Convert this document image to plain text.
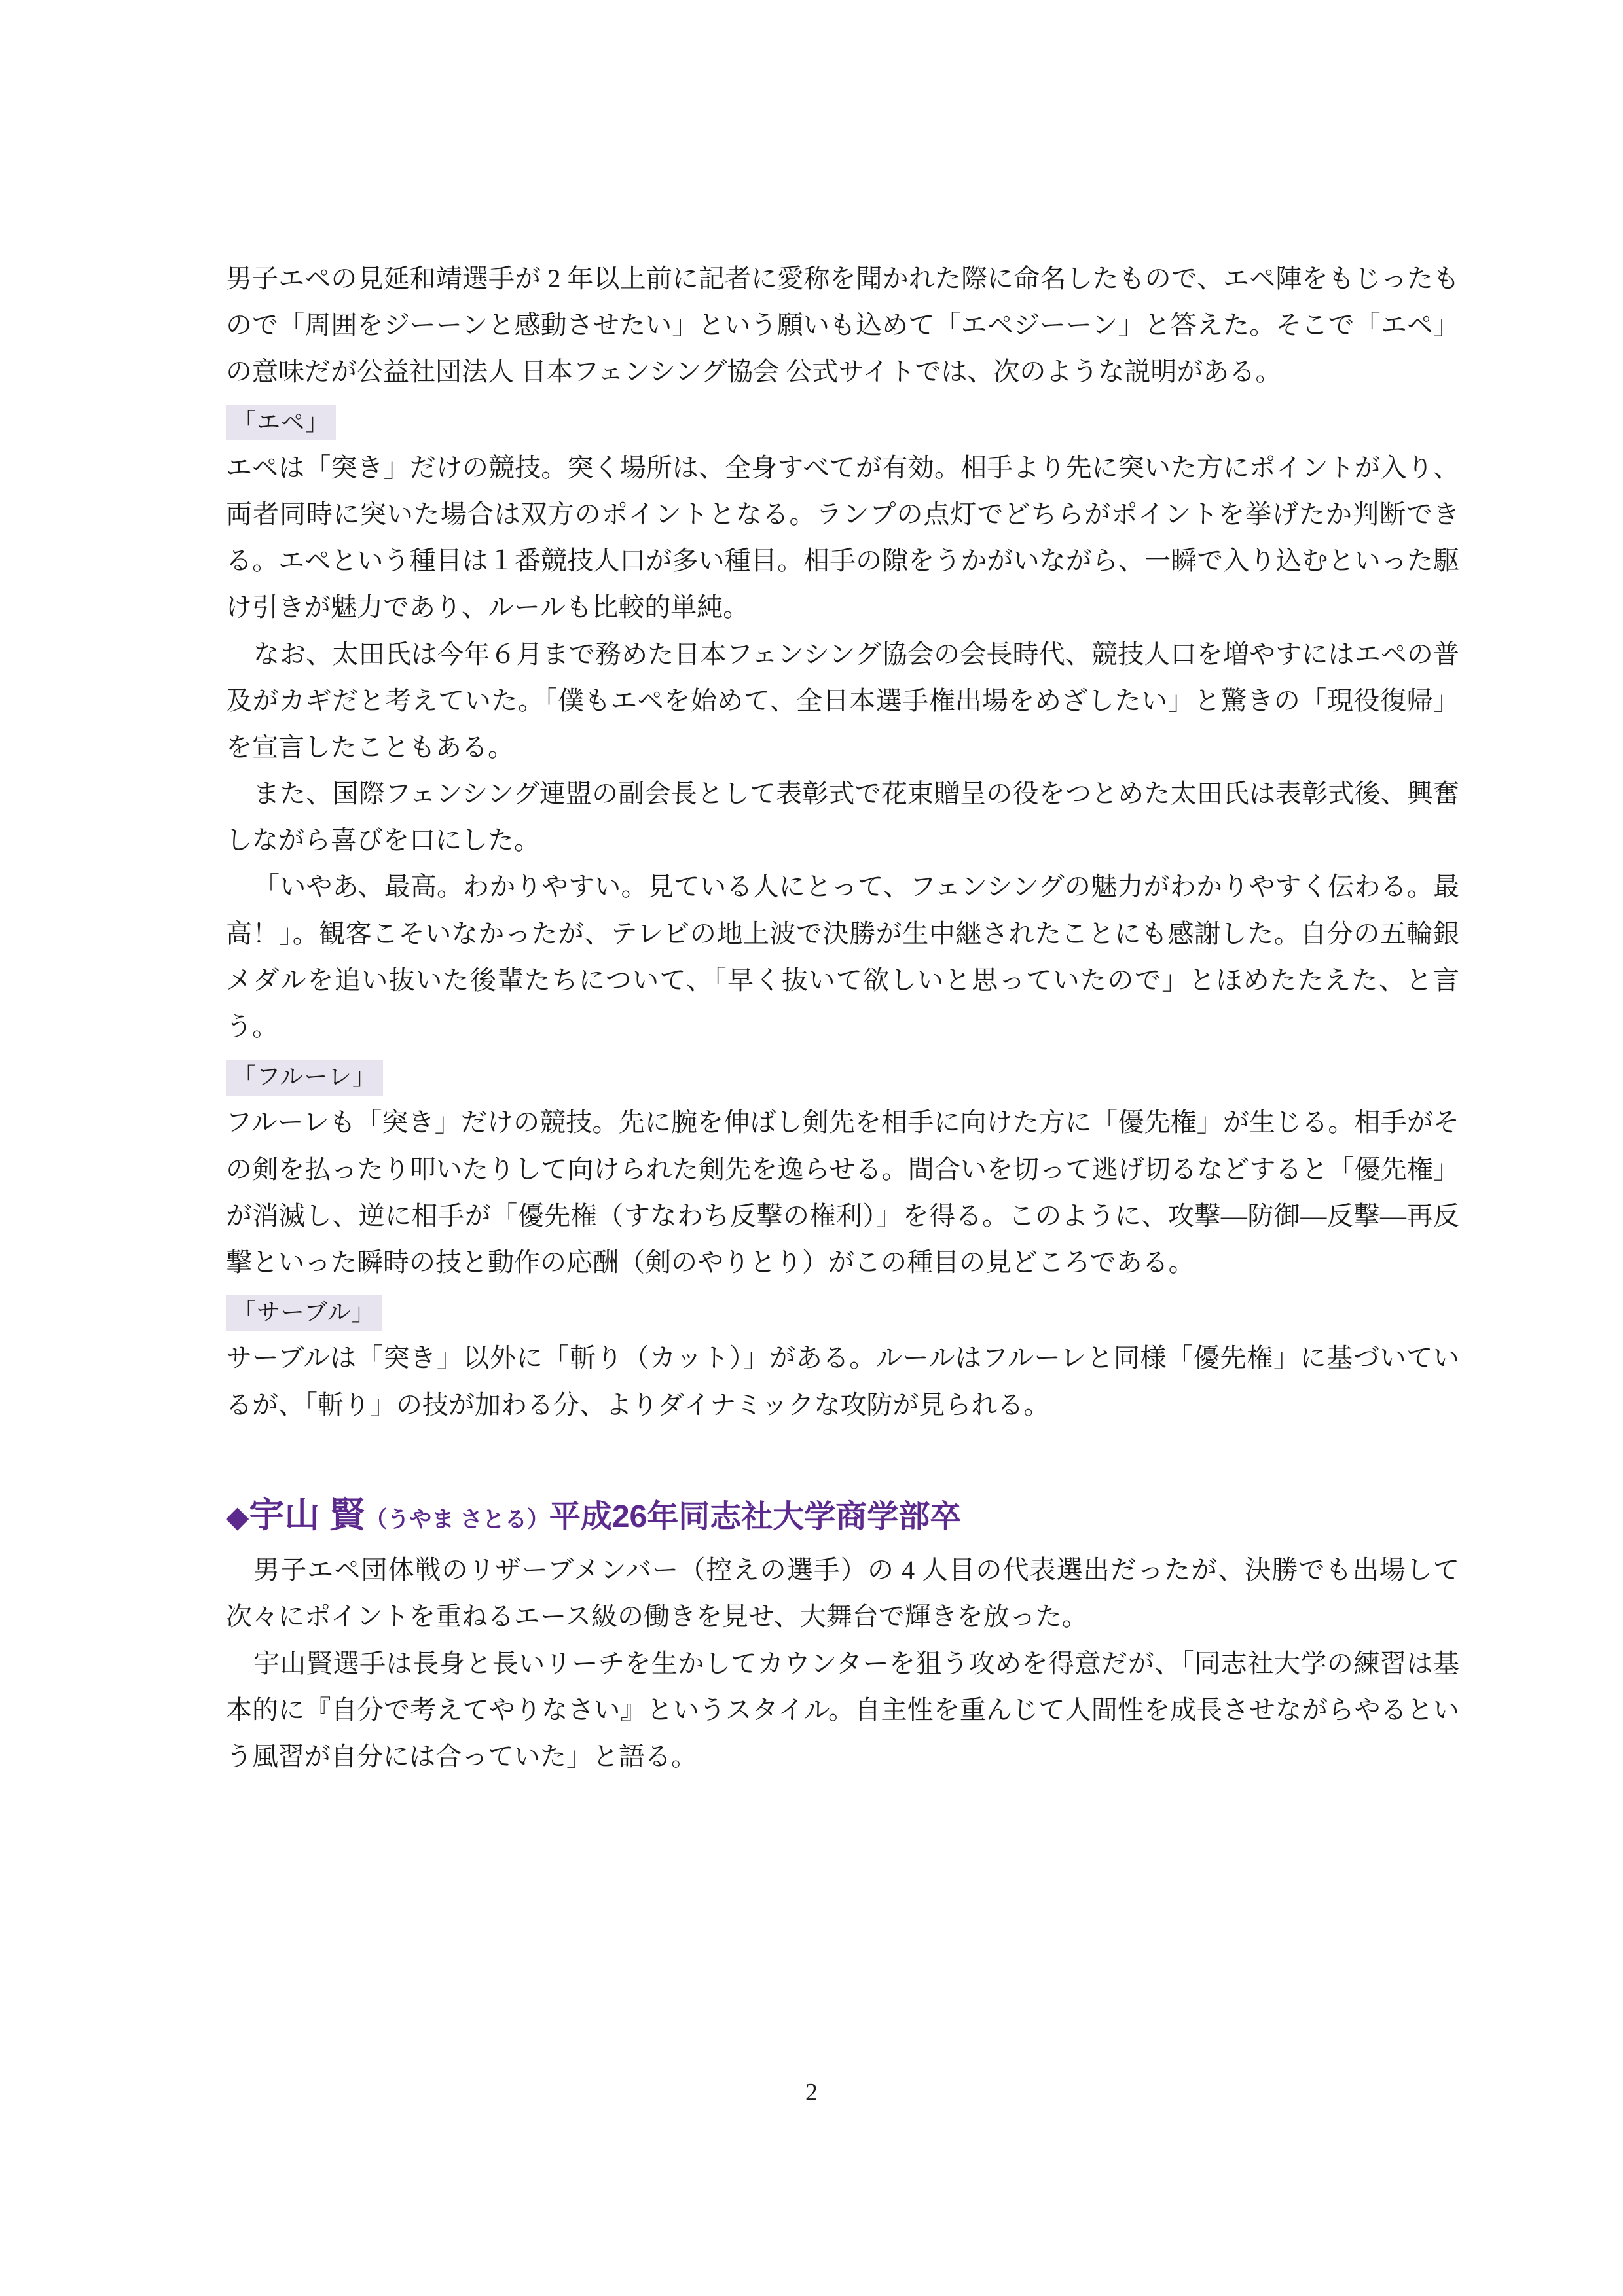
男子エペの見延和靖選手が 2 年以上前に記者に愛称を聞かれた際に命名したもので、エペ陣をもじったもので「周囲をジーーンと感動させたい」という願いも込めて「エペジーーン」と答えた。そこで「エペ」の意味だが公益社団法人 日本フェンシング協会 公式サイトでは、次のような説明がある。

「エペ」

エペは「突き」だけの競技。突く場所は、全身すべてが有効。相手より先に突いた方にポイントが入り、両者同時に突いた場合は双方のポイントとなる。ランプの点灯でどちらがポイントを挙げたか判断できる。エペという種目は１番競技人口が多い種目。相手の隙をうかがいながら、一瞬で入り込むといった駆け引きが魅力であり、ルールも比較的単純。

なお、太田氏は今年６月まで務めた日本フェンシング協会の会長時代、競技人口を増やすにはエペの普及がカギだと考えていた。「僕もエペを始めて、全日本選手権出場をめざしたい」と驚きの「現役復帰」を宣言したこともある。

また、国際フェンシング連盟の副会長として表彰式で花束贈呈の役をつとめた太田氏は表彰式後、興奮しながら喜びを口にした。

「いやあ、最高。わかりやすい。見ている人にとって、フェンシングの魅力がわかりやすく伝わる。最高！」。観客こそいなかったが、テレビの地上波で決勝が生中継されたことにも感謝した。自分の五輪銀メダルを追い抜いた後輩たちについて、「早く抜いて欲しいと思っていたので」とほめたたえた、と言う。

「フルーレ」

フルーレも「突き」だけの競技。先に腕を伸ばし剣先を相手に向けた方に「優先権」が生じる。相手がその剣を払ったり叩いたりして向けられた剣先を逸らせる。間合いを切って逃げ切るなどすると「優先権」が消滅し、逆に相手が「優先権（すなわち反撃の権利）」を得る。このように、攻撃―防御―反撃―再反撃といった瞬時の技と動作の応酬（剣のやりとり）がこの種目の見どころである。

「サーブル」

サーブルは「突き」以外に「斬り（カット）」がある。ルールはフルーレと同様「優先権」に基づいているが、「斬り」の技が加わる分、よりダイナミックな攻防が見られる。

◆宇山 賢（うやま さとる）平成26年同志社大学商学部卒

男子エペ団体戦のリザーブメンバー（控えの選手）の 4 人目の代表選出だったが、決勝でも出場して次々にポイントを重ねるエース級の働きを見せ、大舞台で輝きを放った。

宇山賢選手は長身と長いリーチを生かしてカウンターを狙う攻めを得意だが、「同志社大学の練習は基本的に『自分で考えてやりなさい』というスタイル。自主性を重んじて人間性を成長させながらやるという風習が自分には合っていた」と語る。

2
